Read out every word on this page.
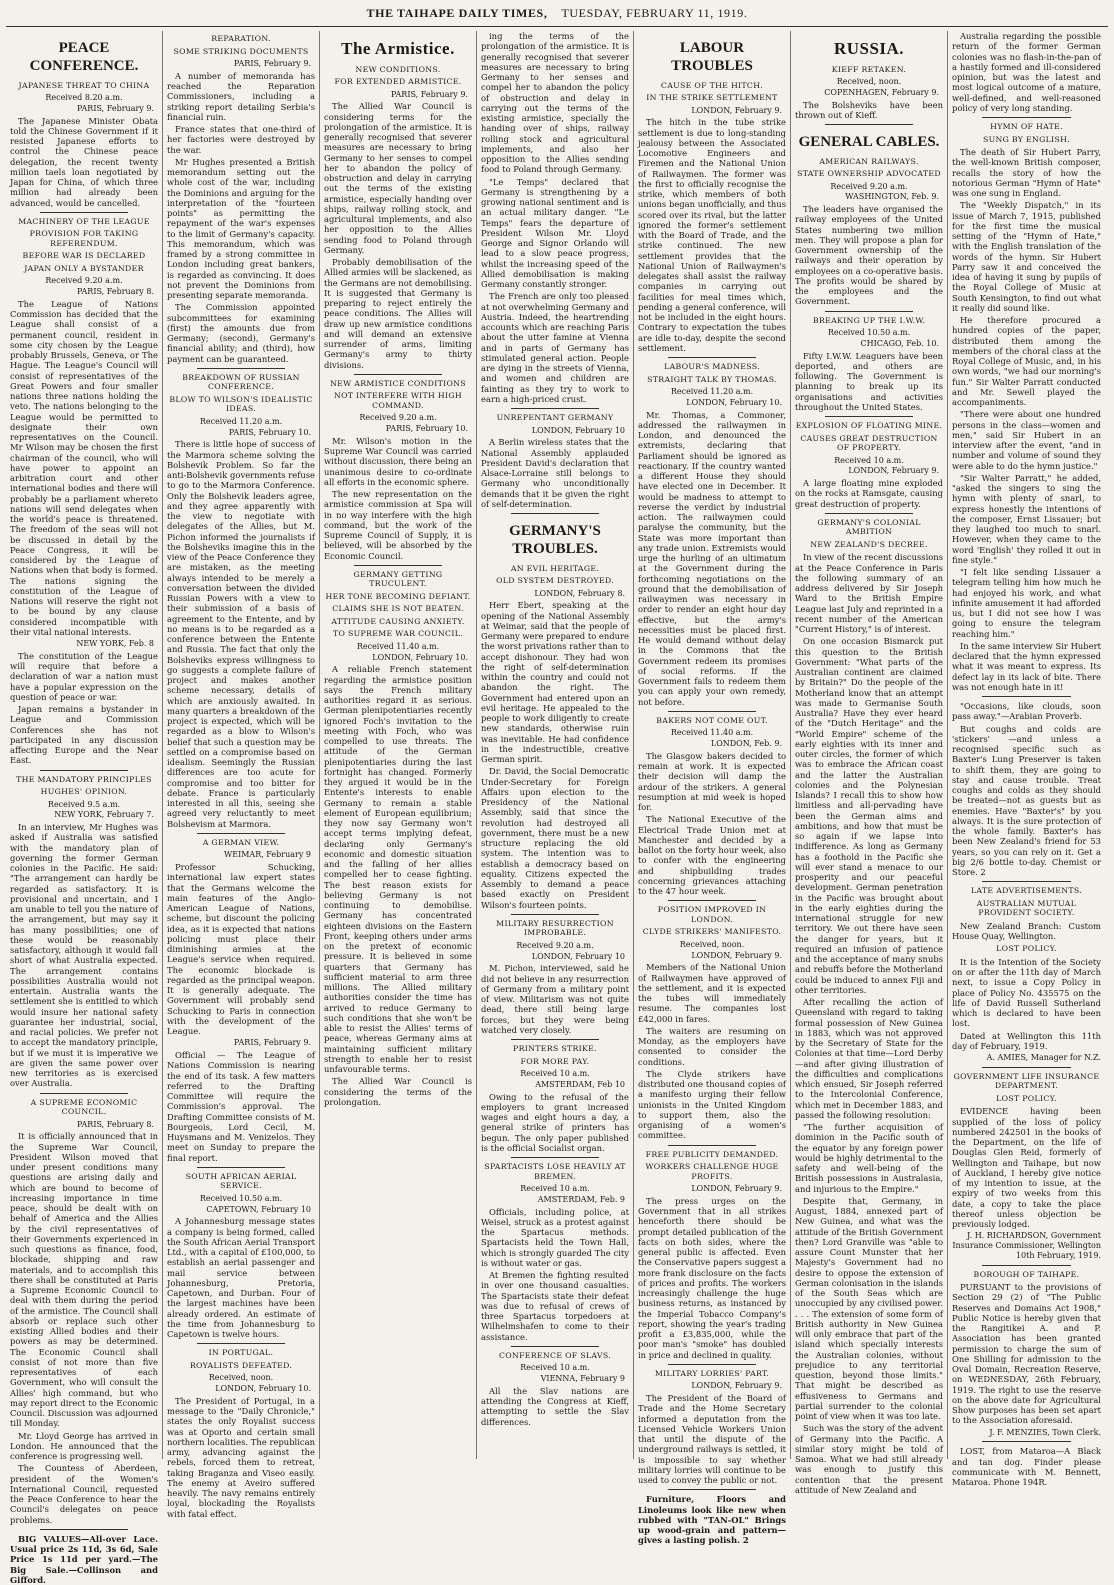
THE TAIHAPE DAILY TIMES, TUESDAY, FEBRUARY 11, 1919.
PEACE CONFERENCE.
JAPANESE THREAT TO CHINA
Received 8.20 a.m.
PARIS, February 9.

The Japanese Minister Obata told the Chinese Government if it resisted Japanese efforts to control the Chinese peace delegation, the recent twenty million taels loan negotiated by Japan for China, of which three million had already been advanced, would be cancelled.

MACHINERY OF THE LEAGUE
PROVISION FOR TAKING REFERENDUM.
BEFORE WAR IS DECLARED
JAPAN ONLY A BYSTANDER
Received 9.20 a.m.
PARIS, February 8.

The League of Nations Commission has decided that the League shall consist of a permanent council, resident in some city chosen by the League probably Brussels, Geneva, or The Hague. The League's Council will consist of representatives of the Great Powers and four smaller nations three nations holding the veto. The nations belonging to the League would be permitted to designate their own representatives on the Council. Mr Wilson may be chosen the first chairman of the council, who will have power to appoint an arbitration court and other international bodies and there will probably be a parliament whereto nations will send delegates when the world's peace is threatened. The freedom of the seas will not be discussed in detail by the Peace Congress, it will be considered by the League of Nations when that body is formed. The nations signing the constitution of the League of Nations will reserve the right not to be bound by any clause considered incompatible with their vital national interests.

NEW YORK, Feb. 8

The constitution of the League will require that before a declaration of war a nation must have a popular expression on the question of peace or war.

Japan remains a bystander in League and Commission Conferences she has not participated in any discussion affecting Europe and the Near East.

THE MANDATORY PRINCIPLES
HUGHES' OPINION.
Received 9.5 a.m.
NEW YORK, February 7.

In an interview, Mr Hughes was asked if Australia was satisfied with the mandatory plan of governing the former German colonies in the Pacific. He said: "The arrangement can hardly be regarded as satisfactory. It is provisional and uncertain, and I am unable to tell you the nature of the arrangement, but may say it has many possibilities; one of these would be reasonably satisfactory, although it would fall short of what Australia expected. The arrangement contains possibilities Australia would not entertain. Australia wants the settlement she is entitled to which would insure her national safety guarantee her industrial, social, and racial policies. We prefer not to accept the mandatory principle, but if we must it is imperative we are given the same power over new territories as is exercised over Australia.

A SUPREME ECONOMIC COUNCIL.
PARIS, February 8.

It is officially announced that in the Supreme War Council, President Wilson moved that under present conditions many questions are arising daily and which are bound to become of increasing importance in time peace, should be dealt with on behalf of America and the Allies by the civil representatives of their Governments experienced in such questions as finance, food, blockade, shipping and raw materials, and to accomplish this there shall be constituted at Paris a Supreme Economic Council to deal with them during the period of the armistice. The Council shall absorb or replace such other existing Allied bodies and their powers as may be determined. The Economic Council shall consist of not more than five representatives of each Government, who will consult the Allies' high command, but who may report direct to the Economic Council. Discussion was adjourned till Monday.

Mr. Lloyd George has arrived in London. He announced that the conference is progressing well.

The Countess of Aberdeen, president of the Women's International Council, requested the Peace Conference to hear the Council's delegates on peace problems.

BIG VALUES—All-over Lace. Usual price 2s 11d, 3s 6d, Sale Price 1s 11d per yard.—The Big Sale.—Collinson and Gifford.

REPARATION.
SOME STRIKING DOCUMENTS
PARIS, February 9.

A number of memoranda has reached the Reparation Commissioners, including a striking report detailing Serbia's financial ruin.

France states that one-third of her factories were destroyed by the war.

Mr Hughes presented a British memorandum setting out the whole cost of the war, including the Dominions and arguing for the interpretation of the "fourteen points" as permitting the repayment of the war's expenses to the limit of Germany's capacity. This memorandum, which was framed by a strong committee in London including great bankers, is regarded as convincing. It does not prevent the Dominions from presenting separate memoranda.

The Commission appointed subcommittees for examining (first) the amounts due from Germany; (second), Germany's financial ability; and (third), how payment can be guaranteed.

BREAKDOWN OF RUSSIAN CONFERENCE.
BLOW TO WILSON'S IDEALISTIC IDEAS.
Received 11.20 a.m.
PARIS, February 10.

There is little hope of success of the Marmora scheme solving the Bolshevik Problem. So far the anti-Bolshevik governments refuse to go to the Marmora Conference. Only the Bolshevik leaders agree, and they agree apparently with the view to negotiate with delegates of the Allies, but M. Pichon informed the journalists if the Bolsheviks imagine this in the view of the Peace Conference they are mistaken, as the meeting always intended to be merely a conversation between the divided Russian Powers with a view to their submission of a basis of agreement to the Entente, and by no means is to be regarded as a conference between the Entente and Russia. The fact that only the Bolsheviks express willingness to go suggests a complete failure of project and makes another scheme necessary, details of which are anxiously awaited. In many quarters a breakdown of the project is expected, which will be regarded as a blow to Wilson's belief that such a question may be settled on a compromise based on idealism. Seemingly the Russian differences are too acute for compromise and too bitter for debate. France is particularly interested in all this, seeing she agreed very reluctantly to meet Bolshevism at Marmora.

A GERMAN VIEW.
WEIMAR, February 9

Professor Schucking, international law expert states that the Germans welcome the main features of the Anglo-American League of Nations, scheme, but discount the policing idea, as it is expected that nations policing must place their diminishing armies at the League's service when required. The economic blockade is regarded as the principal weapon. It is generally adequate. The Government will probably send Schucking to Paris in connection with the development of the League.

PARIS, February 9.

Official — The League of Nations Commission is nearing the end of its task. A few matters referred to the Drafting Committee will require the Commission's approval. The Drafting Committee consists of M. Bourgeois, Lord Cecil, M. Huysmans and M. Venizelos. They meet on Sunday to prepare the final report.

SOUTH AFRICAN AERIAL SERVICE.
Received 10.50 a.m.
CAPETOWN, February 10

A Johannesburg message states a company is being formed, called the South African Aerial Transport Ltd., with a capital of £100,000, to establish an aerial passenger and mail service between Johannesburg, Pretoria, Capetown, and Durban. Four of the largest machines have been already ordered. An estimate of the time from Johannesburg to Capetown is twelve hours.

IN PORTUGAL.
ROYALISTS DEFEATED.
Received, noon.
LONDON, February 10.

The President of Portugal, in a message to the "Daily Chronicle," states the only Royalist success was at Oporto and certain small northern localities. The republican army, advancing against the rebels, forced them to retreat, taking Braganza and Viseo easily. The enemy at Aveiro suffered heavily. The navy remains entirely loyal, blockading the Royalists with fatal effect.

The Armistice.
NEW CONDITIONS.
FOR EXTENDED ARMISTICE.
PARIS, February 9.

The Allied War Council is considering terms for the prolongation of the armistice. It is generally recognised that severer measures are necessary to bring Germany to her senses to compel her to abandon the policy of obstruction and delay in carrying out the terms of the existing armistice, especially handing over ships, railway rolling stock, and agricultural implements, and also her opposition to the Allies sending food to Poland through Germany.

Probably demobilisation of the Allied armies will be slackened, as the Germans are not demobilising. It is suggested that Germany is preparing to reject entirely the peace conditions. The Allies will draw up new armistice conditions and will demand an extensive surrender of arms, limiting Germany's army to thirty divisions.

NEW ARMISTICE CONDITIONS
NOT INTERFERE WITH HIGH COMMAND.
Received 9.20 a.m.
PARIS, February 10.

Mr. Wilson's motion in the Supreme War Council was carried without discussion, there being an unanimous desire to co-ordinate all efforts in the economic sphere.

The new representation on the armistice commission at Spa will in no way interfere with the high command, but the work of the Supreme Council of Supply, it is believed, will be absorbed by the Economic Council.

GERMANY GETTING TRUCULENT.
HER TONE BECOMING DEFIANT.
CLAIMS SHE IS NOT BEATEN.
ATTITUDE CAUSING ANXIETY.
TO SUPREME WAR COUNCIL.
Received 11.40 a.m.
LONDON, February 10.

A reliable French statement regarding the armistice position says the French military authorities regard it as serious. German plenipotentiaries recently ignored Foch's invitation to the meeting with Foch, who was compelled to use threats. The attitude of the German plenipotentiaries during the last fortnight has changed. Formerly they argued it would be in the Entente's interests to enable Germany to remain a stable element of European equilibrium; they now say Germany won't accept terms implying defeat, declaring only Germany's economic and domestic situation and the falling of her allies compelled her to cease fighting. The best reason exists for believing Germany is not continuing to demobilise. Germany has concentrated eighteen divisions on the Eastern Front, keeping others under arms on the pretext of economic pressure. It is believed in some quarters that Germany has sufficient material to arm three millions. The Allied military authorities consider the time has arrived to reduce Germany to such conditions that she won't be able to resist the Allies' terms of peace, whereas Germany aims at maintaining sufficient military strength to enable her to resist unfavourable terms.

The Allied War Council is considering the terms of the prolongation.

ing the terms of the prolongation of the armistice. It is generally recognised that severer measures are necessary to bring Germany to her senses and compel her to abandon the policy of obstruction and delay in carrying out the terms of the existing armistice, specially the handing over of ships, railway rolling stock and agricultural implements, and also her opposition to the Allies sending food to Poland through Germany.

"Le Temps" declared that Germany is strengthening by a growing national sentiment and is an actual military danger. "Le Temps" fears the departure of President Wilson Mr. Lloyd George and Signor Orlando will lead to a slow peace progress, whilst the increasing speed of the Allied demobilisation is making Germany constantly stronger.

The French are only too pleased at not overwhelming Germany and Austria. Indeed, the heartrending accounts which are reaching Paris about the utter famine at Vienna and in parts of Germany has stimulated general action. People are dying in the streets of Vienna, and women and children are fainting as they try to work to earn a high-priced crust.

UNREPENTANT GERMANY
LONDON, February 10

A Berlin wireless states that the National Assembly applauded President David's declaration that Alsace-Lorraine still belongs to Germany who unconditionally demands that it be given the right of self-determination.

GERMANY'S TROUBLES.
AN EVIL HERITAGE.
OLD SYSTEM DESTROYED.
LONDON, February 8.

Herr Ebert, speaking at the opening of the National Assembly at Weimar, said that the people of Germany were prepared to endure the worst privations rather than to accept dishonour. They had won the right of self-determination within the country and could not abandon the right. The Government had entered upon an evil heritage. He appealed to the people to work diligently to create new standards, otherwise ruin was inevitable. He had confidence in the indestructible, creative German spirit.

Dr. David, the Social Democratic Under-Secretary for Foreign Affairs upon election to the Presidency of the National Assembly, said that since the revolution had destroyed all government, there must be a new structure replacing the old system. The intention was to establish a democracy based on equality. Citizens expected the Assembly to demand a peace based exactly on President Wilson's fourteen points.

MILITARY RESURRECTION IMPROBABLE.
Received 9.20 a.m.
LONDON, February 10

M. Pichon, interviewed, said he did not believe in any resurrection of Germany from a military point of view. Militarism was not quite dead, there still being large forces, but they were being watched very closely.

PRINTERS STRIKE.
FOR MORE PAY.
Received 10 a.m.
AMSTERDAM, Feb 10

Owing to the refusal of the employers to grant increased wages and eight hours a day, a general strike of printers has begun. The only paper published is the official Socialist organ.

SPARTACISTS LOSE HEAVILY AT BREMEN.
Received 10 a.m.
AMSTERDAM, Feb. 9

Officials, including police, at Weisel, struck as a protest against the Spartacus methods. Spartacists held the Town Hall, which is strongly guarded The city is without water or gas.

At Bremen the fighting resulted in over one thousand casualties. The Spartacists state their defeat was due to refusal of crews of three Spartacus torpedoers at Wilhelmshafen to come to their assistance.

CONFERENCE OF SLAVS.
Received 10 a.m.
VIENNA, February 9

All the Slav nations are attending the Congress at Kieff, attempting to settle the Slav differences.

LABOUR TROUBLES
CAUSE OF THE HITCH.
IN THE STRIKE SETTLEMENT
LONDON, February 9.

The hitch in the tube strike settlement is due to long-standing jealousy between the Associated Locomotive Engineers and Firemen and the National Union of Railwaymen. The former was the first to officially recognise the strike, which members of both unions began unofficially, and thus scored over its rival, but the latter ignored the former's settlement with the Board of Trade, and the strike continued. The new settlement provides that the National Union of Railwaymen's delegates shall assist the railway companies in carrying out facilities for meal times which, pending a general conference, will not be included in the eight hours. Contrary to expectation the tubes are idle to-day, despite the second settlement.

LABOUR'S MADNESS.
STRAIGHT TALK BY THOMAS.
Received 11.20 a.m.
LONDON, February 10.

Mr. Thomas, a Commoner, addressed the railwaymen in London, and denounced the extremists, declaring that Parliament should be ignored as reactionary. If the country wanted a different House they should have elected one in December. It would be madness to attempt to reverse the verdict by industrial action. The railwaymen could paralyse the community, but the State was more important than any trade union. Extremists would urge the hurling of an ultimatum at the Government during the forthcoming negotiations on the ground that the demobilisation of railwaymen was necessary in order to render an eight hour day effective, but the army's necessities must be placed first. He would demand without delay in the Commons that the Government redeem its promises of social reforms. If the Government fails to redeem them you can apply your own remedy, not before.

BAKERS NOT COME OUT.
Received 11.40 a.m.
LONDON, Feb. 9.

The Glasgow bakers decided to remain at work. It is expected their decision will damp the ardour of the strikers. A general resumption at mid week is hoped for.

The National Executive of the Electrical Trade Union met at Manchester and decided by a ballot on the forty hour week, also to confer with the engineering and shipbuilding trades concerning grievances attaching to the 47 hour week.

POSITION IMPROVED IN LONDON.
CLYDE STRIKERS' MANIFESTO.
Received, noon.
LONDON, February 9.

Members of the National Union of Railwaymen have approved of the settlement, and it is expected the tubes will immediately resume. The companies lost £42,000 in fares.

The waiters are resuming on Monday, as the employers have consented to consider the conditions.

The Clyde strikers have distributed one thousand copies of a manifesto urging their fellow unionists in the United Kingdom to support them, also the organising of a women's committee.

FREE PUBLICITY DEMANDED.
WORKERS CHALLENGE HUGE PROFITS.
LONDON, February 9.

The press urges on the Government that in all strikes henceforth there should be prompt detailed publication of the facts on both sides, where the general public is affected. Even the Conservative papers suggest a more frank disclosure on the facts of prices and profits. The workers increasingly challenge the huge business returns, as instanced by the Imperial Tobacco Company's report, showing the year's trading profit a £3,835,000, while the poor man's "smoke" has doubled in price and declined in quality.

MILITARY LORRIES' PART.
LONDON, February 9.

The President of the Board of Trade and the Home Secretary informed a deputation from the Licensed Vehicle Workers Union that until the dispute of the underground railways is settled, it is impossible to say whether military lorries will continue to be used to convey the public or not.

Furniture, Floors and Linoleums look like new when rubbed with "TAN-OL" Brings up wood-grain and pattern—gives a lasting polish. 2

RUSSIA.
KIEFF RETAKEN.
Received, noon.
COPENHAGEN, February 9.

The Bolsheviks have been thrown out of Kieff.

GENERAL CABLES.
AMERICAN RAILWAYS.
STATE OWNERSHIP ADVOCATED
Received 9.20 a.m.
WASHINGTON, Feb. 9.

The leaders have organised the railway employees of the United States numbering two million men. They will propose a plan for Government ownership of the railways and their operation by employees on a co-operative basis. The profits would be shared by the employees and the Government.

BREAKING UP THE I.W.W.
Received 10.50 a.m.
CHICAGO, Feb. 10.

Fifty I.W.W. Leaguers have been deported, and others are following. The Government is planning to break up its organisations and activities throughout the United States.

EXPLOSION OF FLOATING MINE.
CAUSES GREAT DESTRUCTION OF PROPERTY.
Received 10 a.m.
LONDON, February 9.

A large floating mine exploded on the rocks at Ramsgate, causing great destruction of property.

GERMANY'S COLONIAL AMBITION
NEW ZEALAND'S DECREE.

In view of the recent discussions at the Peace Conference in Paris the following summary of an address delivered by Sir Joseph Ward to the British Empire League last July and reprinted in a recent number of the American "Current History," is of interest.

On one occasion Bismarck put this question to the British Government: "What parts of the Australian continent are claimed by Britain?" Do the people of the Motherland know that an attempt was made to Germanise South Australia? Have they ever heard of the "Dutch Heritage" and the "World Empire" scheme of the early eighties with its inner and outer circles, the former of which was to embrace the African coast and the latter the Australian colonies and the Polynesian Islands? I recall this to show how limitless and all-pervading have been the German aims and ambitions, and how that must be so again if we lapse into indifference. As long as Germany has a foothold in the Pacific she will ever stand a menace to our prosperity and our peaceful development. German penetration in the Pacific was brought about in the early eighties during the international struggle for new territory. We out there have seen the danger for years, but it required an infusion of patience and the acceptance of many snubs and rebuffs before the Motherland could be induced to annex Fiji and other territories.

After recalling the action of Queensland with regard to taking formal possession of New Guinea in 1883, which was not approved by the Secretary of State for the Colonies at that time—Lord Derby—and after giving illustration of the difficulties and complications which ensued, Sir Joseph referred to the Intercolonial Conference, which met in December 1883, and passed the following resolution:

"The further acquisition of dominion in the Pacific south of the equator by any foreign power would be highly detrimental to the safety and well-being of the British possessions in Australasia, and injurious to the Empire."

Despite that, Germany, in August, 1884, annexed part of New Guinea, and what was the attitude of the British Government then? Lord Granville was "able to assure Count Munster that her Majesty's Government had no desire to oppose the extension of German colonisation in the islands of the South Seas which are unoccupied by any civilised power. . . . The extension of some form of British authority in New Guinea will only embrace that part of the island which specially interests the Australian colonies, without prejudice to any territorial question, beyond those limits." That might be described as effusiveness to Germans and partial surrender to the colonial point of view when it was too late.

Such was the story of the advent of Germany into the Pacific. A similar story might be told of Samoa. What we had still already was enough to justify this contention that the present attitude of New Zealand and

Australia regarding the possible return of the former German colonies was no flash-in-the-pan of a hastily formed and ill-considered opinion, but was the latest and most logical outcome of a mature, well-defined, and well-reasoned policy of very long standing.

HYMN OF HATE.
SUNG BY ENGLISH.

The death of Sir Hubert Parry, the well-known British composer, recalls the story of how the notorious German "Hymn of Hate" was one sung in England.

The "Weekly Dispatch," in its issue of March 7, 1915, published for the first time the musical setting of the "Hymn of Hate," with the English translation of the words of the hymn. Sir Hubert Parry saw it and conceived the idea of having it sung by pupils of the Royal College of Music at South Kensington, to find out what it really did sound like.

He therefore procured a hundred copies of the paper, distributed them among the members of the choral class at the Royal College of Music, and, in his own words, "we had our morning's fun." Sir Walter Parratt conducted and Mr. Sewell played the accompaniments.

"There were about one hundred persons in the class—women and men," said Sir Hubert in an interview after the event, "and in number and volume of sound they were able to do the hymn justice."

"Sir Walter Parratt," he added, "asked the singers to sing the hymn with plenty of snarl, to express honestly the intentions of the composer, Ernst Lissauer; but they laughed too much to snarl. However, when they came to the word 'English' they rolled it out in fine style."

"I felt like sending Lissauer a telegram telling him how much he had enjoyed his work, and what infinite amusement it had afforded us, but I did not see how I was going to ensure the telegram reaching him."

In the same interview Sir Hubert declared that the hymn expressed what it was meant to express. Its defect lay in its lack of bite. There was not enough hate in it!

"Occasions, like clouds, soon pass away."—Arabian Proverb.

But coughs and colds are 'stickers' —and unless a recognised specific such as Baxter's Lung Preserver is taken to shift them, they are going to stay and cause trouble. Treat coughs and colds as they should be treated—not as guests but as enemies. Have "Baxter's" by you always. It is the sure protection of the whole family. Baxter's has been New Zealand's friend for 53 years, so you can rely on it. Get a big 2/6 bottle to-day. Chemist or Store. 2

LATE ADVERTISEMENTS.
AUSTRALIAN MUTUAL PROVIDENT SOCIETY.

New Zealand Branch: Custom House Quay, Wellington.

LOST POLICY.

It is the Intention of the Society on or after the 11th day of March next, to issue a Copy Policy in place of Policy No. 435575 on the life of David Russell Sutherland which is declared to have been lost.

Dated at Wellington this 11th day of February, 1919.

A. AMIES, Manager for N.Z.
GOVERNMENT LIFE INSURANCE DEPARTMENT.
LOST POLICY.

EVIDENCE having been supplied of the loss of policy numbered 242501 in the books of the Department, on the life of Douglas Glen Reid, formerly of Wellington and Taihape, but now of Auckland, I hereby give notice of my intention to issue, at the expiry of two weeks from this date, a copy to take the place thereof unless objection be previously lodged.

J. H. RICHARDSON, Government Insurance Commissioner, Wellington 10th February, 1919.
BOROUGH OF TAIHAPE.

PURSUANT to the provisions of Section 29 (2) of "The Public Reserves and Domains Act 1908," Public Notice is hereby given that the Rangitikei A. and P. Association has been granted permission to charge the sum of One Shilling for admission to the Oval Domain, Recreation Reserve, on WEDNESDAY, 26th February, 1919. The right to use the reserve on the above date for Agricultural Show purposes has been set apart to the Association aforesaid.

J. F. MENZIES, Town Clerk.

LOST, from Mataroa—A Black and tan dog. Finder please communicate with M. Bennett, Mataroa. Phone 194R.
